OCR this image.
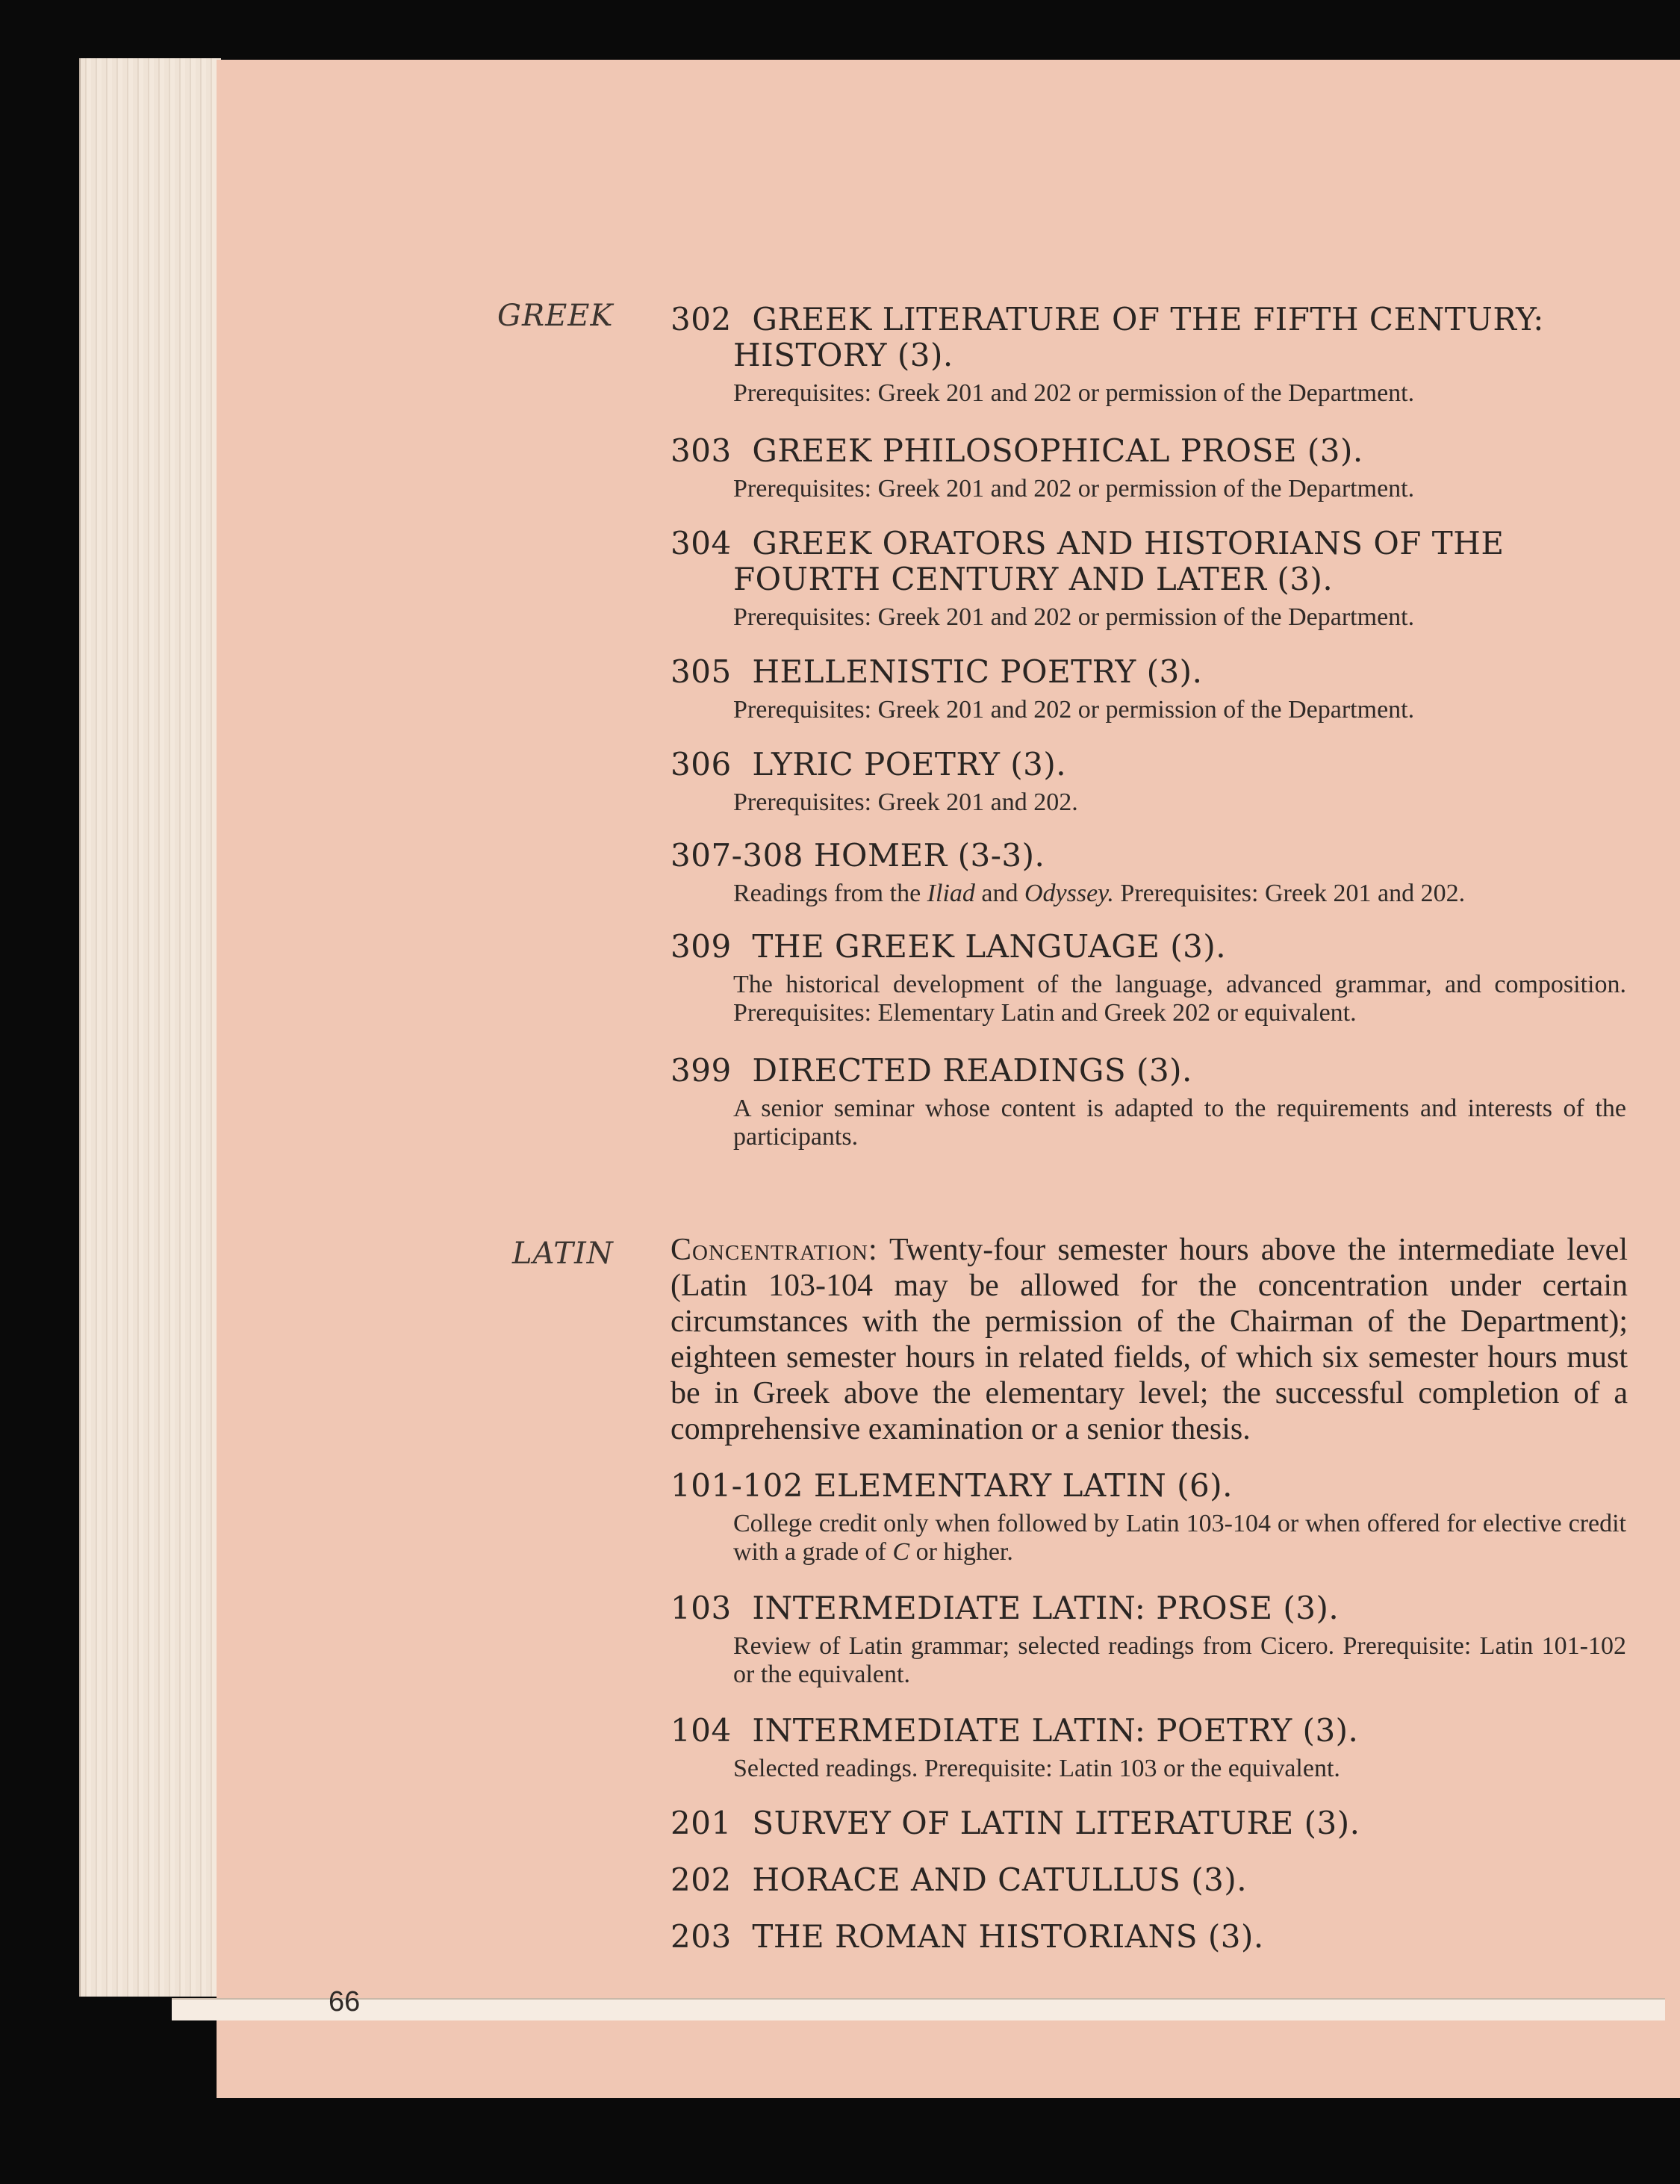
GREEK 302 GREEK LITERATURE OF THE FIFTH CENTURY: HISTORY (3).
Prerequisites: Greek 201 and 202 or permission of the Department.
303 GREEK PHILOSOPHICAL PROSE (3).
Prerequisites: Greek 201 and 202 or permission of the Department.
304 GREEK ORATORS AND HISTORIANS OF THE FOURTH CENTURY AND LATER (3).
Prerequisites: Greek 201 and 202 or permission of the Department.
305 HELLENISTIC POETRY (3).
Prerequisites: Greek 201 and 202 or permission of the Department.
306 LYRIC POETRY (3).
Prerequisites: Greek 201 and 202.
307-308 HOMER (3-3).
Readings from the Iliad and Odyssey. Prerequisites: Greek 201 and 202.
309 THE GREEK LANGUAGE (3).
The historical development of the language, advanced grammar, and composition. Prerequisites: Elementary Latin and Greek 202 or equivalent.
399 DIRECTED READINGS (3).
A senior seminar whose content is adapted to the requirements and interests of the participants.
LATIN Concentration: Twenty-four semester hours above the intermediate level (Latin 103-104 may be allowed for the concentration under certain circumstances with the permission of the Chairman of the Department); eighteen semester hours in related fields, of which six semester hours must be in Greek above the elementary level; the successful completion of a comprehensive examination or a senior thesis.
101-102 ELEMENTARY LATIN (6).
College credit only when followed by Latin 103-104 or when offered for elective credit with a grade of C or higher.
103 INTERMEDIATE LATIN: PROSE (3).
Review of Latin grammar; selected readings from Cicero. Prerequisite: Latin 101-102 or the equivalent.
104 INTERMEDIATE LATIN: POETRY (3).
Selected readings. Prerequisite: Latin 103 or the equivalent.
201 SURVEY OF LATIN LITERATURE (3).
202 HORACE AND CATULLUS (3).
203 THE ROMAN HISTORIANS (3).
66
